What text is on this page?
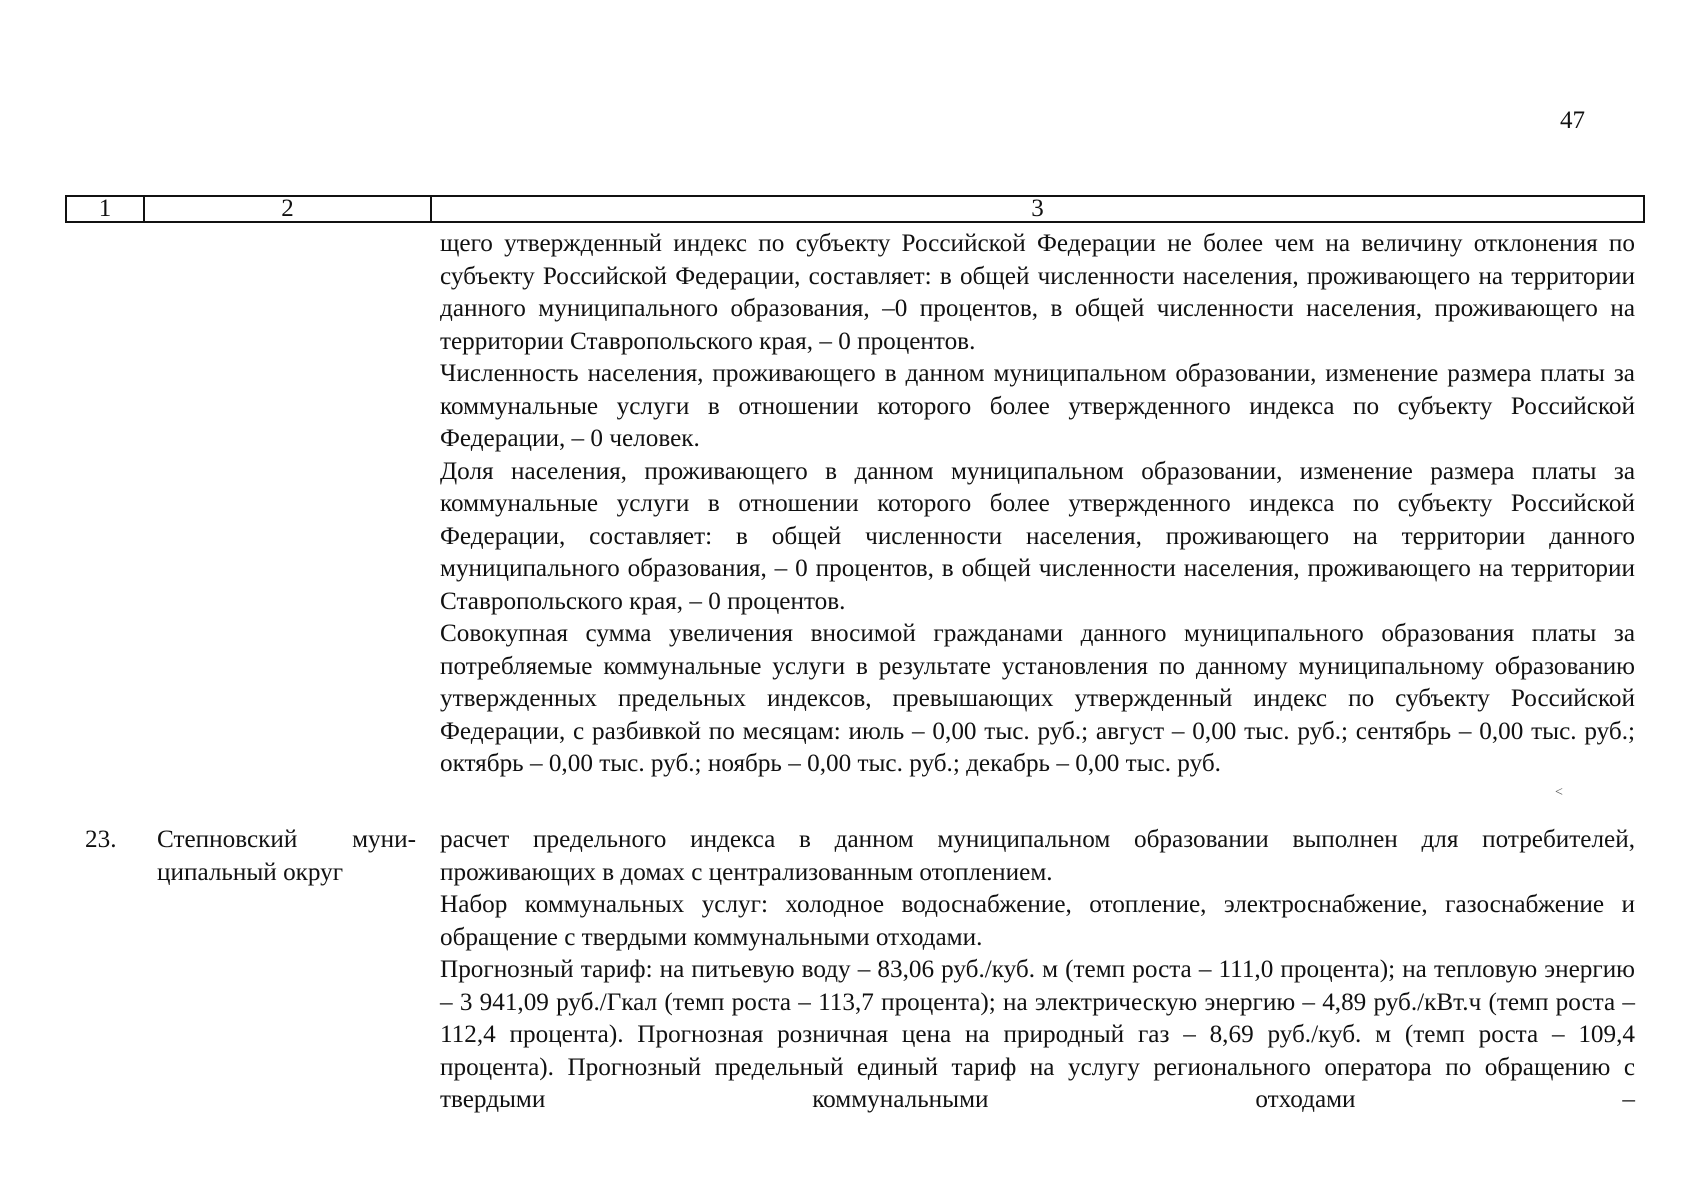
47
1	2	3

щего утвержденный индекс по субъекту Российской Федерации не более чем на величину отклонения по субъекту Российской Федерации, составляет: в общей численности населения, проживающего на территории данного муниципального образования, –0 процентов, в общей численности населения, проживающего на территории Ставропольского края, – 0 процентов.

Численность населения, проживающего в данном муниципальном образовании, изменение размера платы за коммунальные услуги в отношении которого более утвержденного индекса по субъекту Российской Федерации, – 0 человек.

Доля населения, проживающего в данном муниципальном образовании, изменение размера платы за коммунальные услуги в отношении которого более утвержденного индекса по субъекту Российской Федерации, составляет: в общей численности населения, проживающего на территории данного муниципального образования, – 0 процентов, в общей численности населения, проживающего на территории Ставропольского края, – 0 процентов.

Совокупная сумма увеличения вносимой гражданами данного муниципального образования платы за потребляемые коммунальные услуги в результате установления по данному муниципальному образованию утвержденных предельных индексов, превышающих утвержденный индекс по субъекту Российской Федерации, с разбивкой по месяцам: июль – 0,00 тыс. руб.; август – 0,00 тыс. руб.; сентябрь – 0,00 тыс. руб.; октябрь – 0,00 тыс. руб.; ноябрь – 0,00 тыс. руб.; декабрь – 0,00 тыс. руб.

<
23. Степновский муниципальный округ

расчет предельного индекса в данном муниципальном образовании выполнен для потребителей, проживающих в домах с централизованным отоплением.

Набор коммунальных услуг: холодное водоснабжение, отопление, электроснабжение, газоснабжение и обращение с твердыми коммунальными отходами.

Прогнозный тариф: на питьевую воду – 83,06 руб./куб. м (темп роста – 111,0 процента); на тепловую энергию – 3 941,09 руб./Гкал (темп роста – 113,7 процента); на электрическую энергию – 4,89 руб./кВт.ч (темп роста – 112,4 процента). Прогнозная розничная цена на природный газ – 8,69 руб./куб. м (темп роста – 109,4 процента). Прогнозный предельный единый тариф на услугу регионального оператора по обращению с твердыми коммунальными отходами –
